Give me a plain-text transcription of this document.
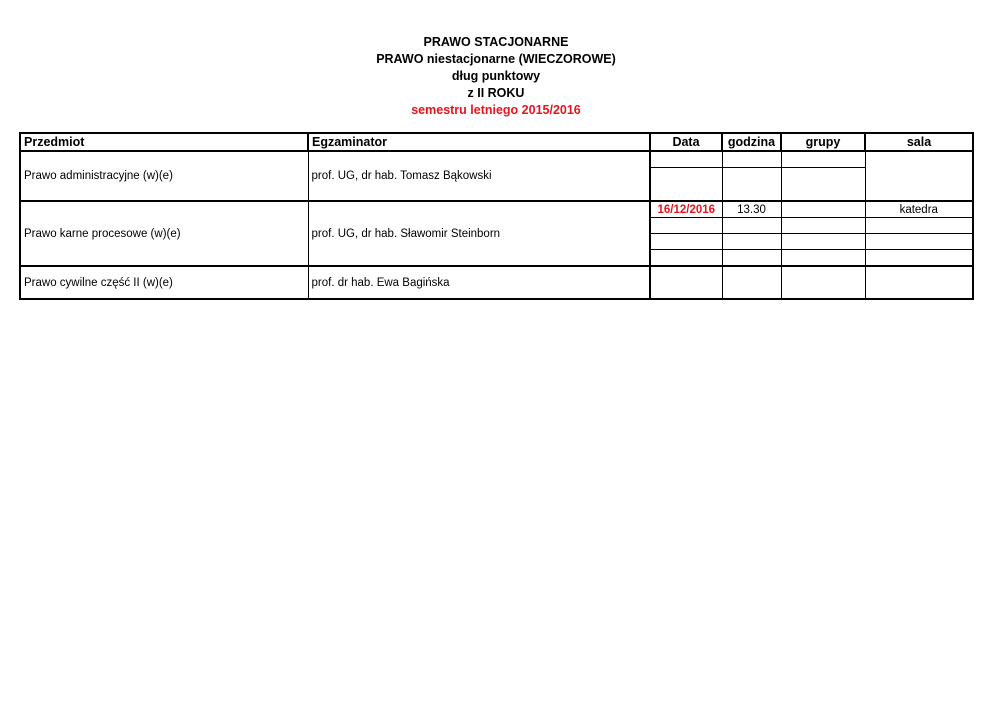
PRAWO STACJONARNE
PRAWO niestacjonarne (WIECZOROWE)
dług punktowy
z II ROKU
semestru letniego 2015/2016
Przedmiot	Egzaminator	Data	godzina	grupy	sala
Prawo administracyjne (w)(e)	prof. UG, dr hab. Tomasz Bąkowski				

Prawo karne procesowe (w)(e)	prof. UG, dr hab. Sławomir Steinborn	16/12/2016	13.30		katedra

Prawo cywilne część II (w)(e)	prof. dr hab. Ewa Bagińska				
